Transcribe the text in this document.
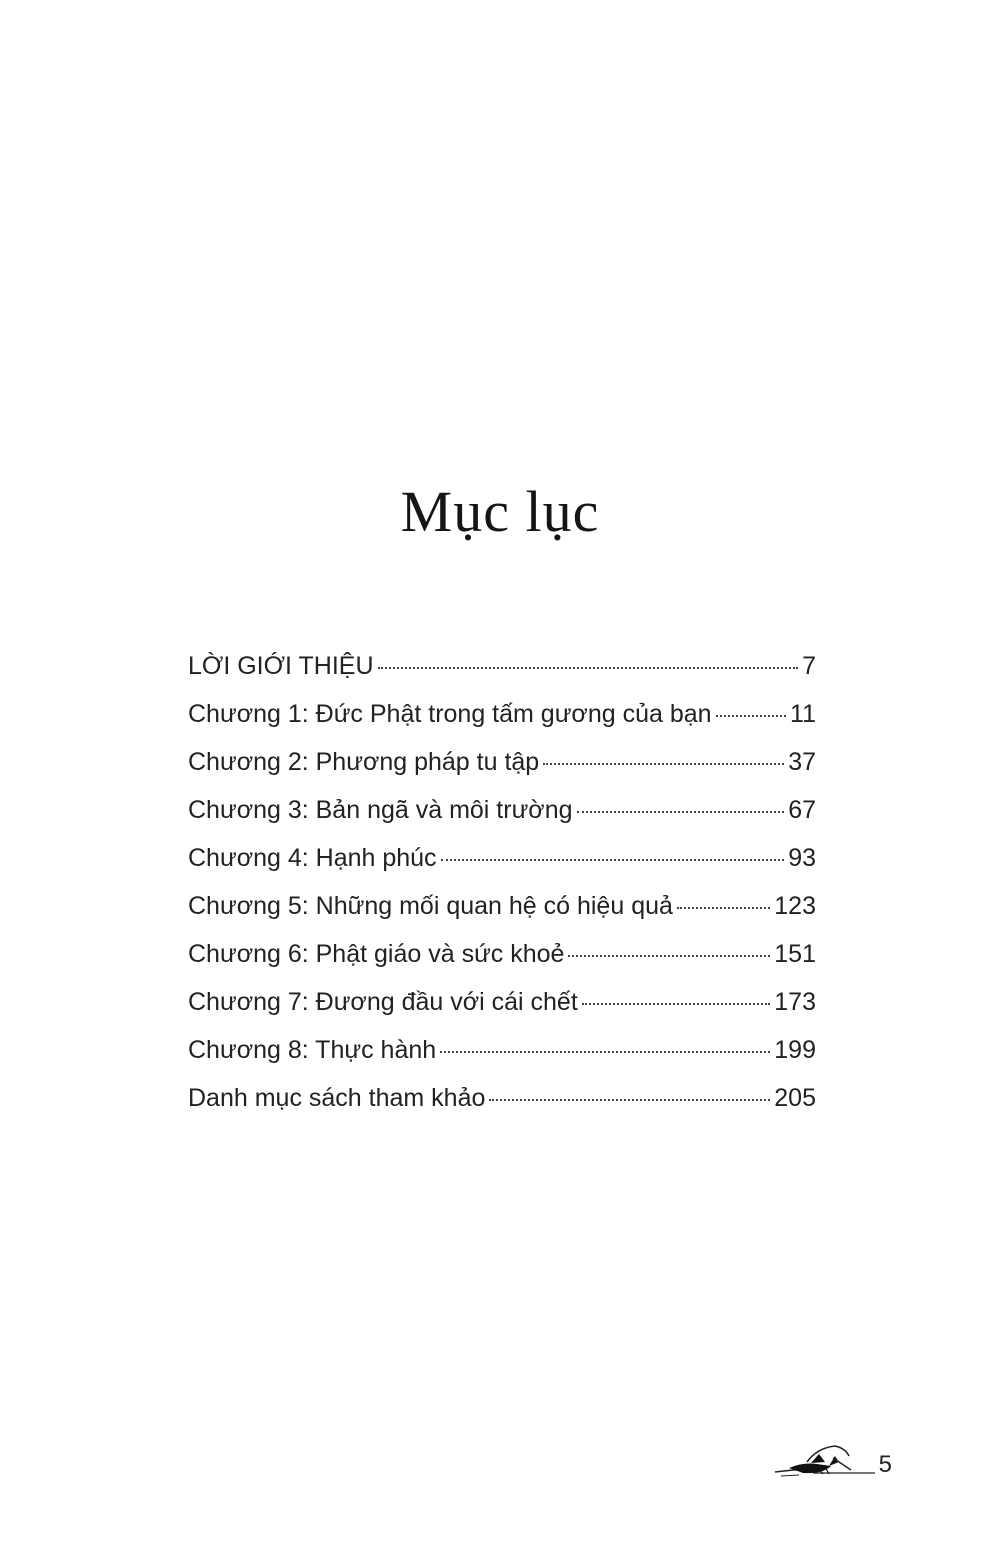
Mục lục
LỜI GIỚI THIỆU	7
Chương 1: Đức Phật trong tấm gương của bạn	11
Chương 2: Phương pháp tu tập	37
Chương 3: Bản ngã và môi trường	67
Chương 4: Hạnh phúc	93
Chương 5: Những mối quan hệ có hiệu quả	123
Chương 6: Phật giáo và sức khoẻ	151
Chương 7: Đương đầu với cái chết	173
Chương 8: Thực hành	199
Danh mục sách tham khảo	205
5
